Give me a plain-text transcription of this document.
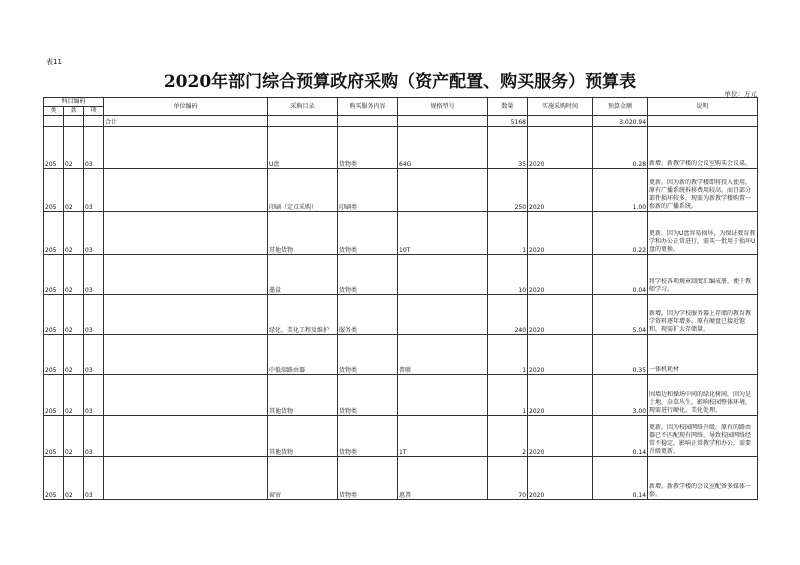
表11
2020年部门综合预算政府采购（资产配置、购买服务）预算表
单位：万元
科目编码			单位编码	采购目录	购买服务内容	规格型号	数量	实施采购时间	预算金额	说明
类	款	项								
			合计				5168		3,020.94	
205	02	03		U盘	货物类	64G	35	2020	0.28	新增。新教学楼的会议室购买会议桌。

205	02	03		印刷（定点采购）	印刷类		250	2020	1.00	更新。因为新的教学楼即将投入使用，原有广播系统拆移费用较高，而且部分部件损坏较多，现需为新教学楼购置一套新的广播系统。

205	02	03		其他货物	货物类	10T	1	2020	0.22	更新。因为U盘容易损坏，为保证教育教学和办公正常进行，需买一批用于损坏U盘的更换。

205	02	03		墨盒	货物类		10	2020	0.04	将学校各项规章制度汇编成册，便于教师学习。

205	02	03		绿化、美化工程及维护	服务类		240	2020	5.04	新增。因为学校服务器上存储的教育教学资料逐年增多，原有硬盘已接近饱和，现需扩大存储量。

205	02	03		中低端路由器	货物类	普联	1	2020	0.35	一体机耗材

205	02	03		其他货物	货物类		1	2020	3.00	围墙边和操场中间的绿化树间，因为是土地，杂草丛生，影响校园整体环境，现需进行硬化，美化处理。

205	02	03		其他货物	货物类	1T	2	2020	0.14	更新。因为校园网络升级，原有的路由器已不匹配现有网络，导致校园网络经常不稳定，影响正常教学和办公，需要升级更新。

205	02	03		窗帘	货物类	惠普	70	2020	0.14	新增。新教学楼的会议室配备多媒体一套。
